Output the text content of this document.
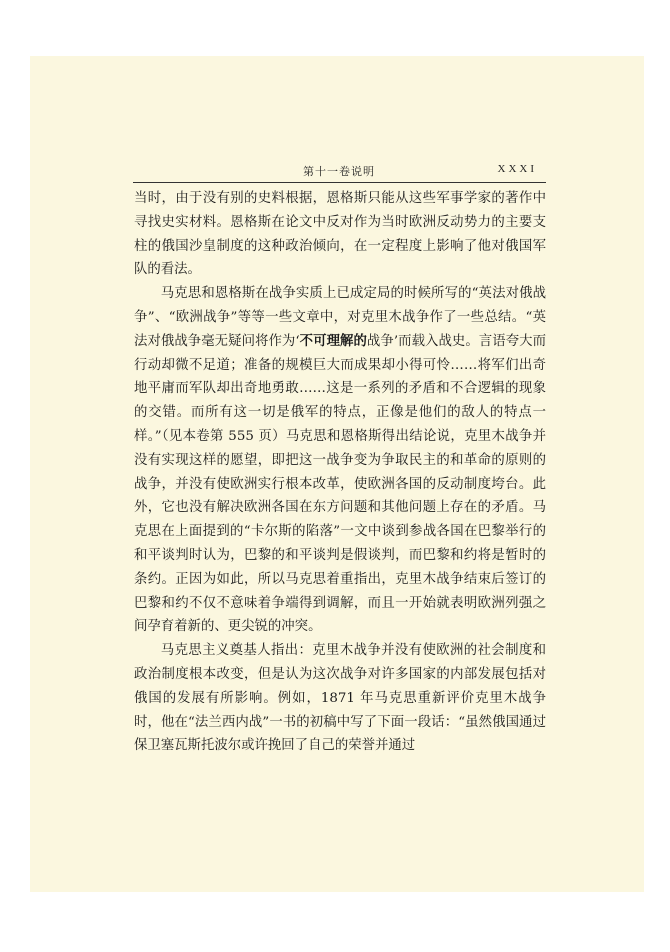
第十一卷说明	XXXI

当时，由于没有别的史料根据，恩格斯只能从这些军事学家的著作中寻找史实材料。恩格斯在论文中反对作为当时欧洲反动势力的主要支柱的俄国沙皇制度的这种政治倾向，在一定程度上影响了他对俄国军队的看法。

马克思和恩格斯在战争实质上已成定局的时候所写的“英法对俄战争”、“欧洲战争”等等一些文章中，对克里木战争作了一些总结。“英法对俄战争毫无疑问将作为‘不可理解的战争’而载入战史。言语夸大而行动却微不足道；准备的规模巨大而成果却小得可怜……将军们出奇地平庸而军队却出奇地勇敢……这是一系列的矛盾和不合逻辑的现象的交错。而所有这一切是俄军的特点，正像是他们的敌人的特点一样。”（见本卷第 555 页）马克思和恩格斯得出结论说，克里木战争并没有实现这样的愿望，即把这一战争变为争取民主的和革命的原则的战争，并没有使欧洲实行根本改革，使欧洲各国的反动制度垮台。此外，它也没有解决欧洲各国在东方问题和其他问题上存在的矛盾。马克思在上面提到的“卡尔斯的陷落”一文中谈到参战各国在巴黎举行的和平谈判时认为，巴黎的和平谈判是假谈判，而巴黎和约将是暂时的条约。正因为如此，所以马克思着重指出，克里木战争结束后签订的巴黎和约不仅不意味着争端得到调解，而且一开始就表明欧洲列强之间孕育着新的、更尖锐的冲突。

马克思主义奠基人指出：克里木战争并没有使欧洲的社会制度和政治制度根本改变，但是认为这次战争对许多国家的内部发展包括对俄国的发展有所影响。例如，1871 年马克思重新评价克里木战争时，他在“法兰西内战”一书的初稿中写了下面一段话：“虽然俄国通过保卫塞瓦斯托波尔或许挽回了自己的荣誉并通过
